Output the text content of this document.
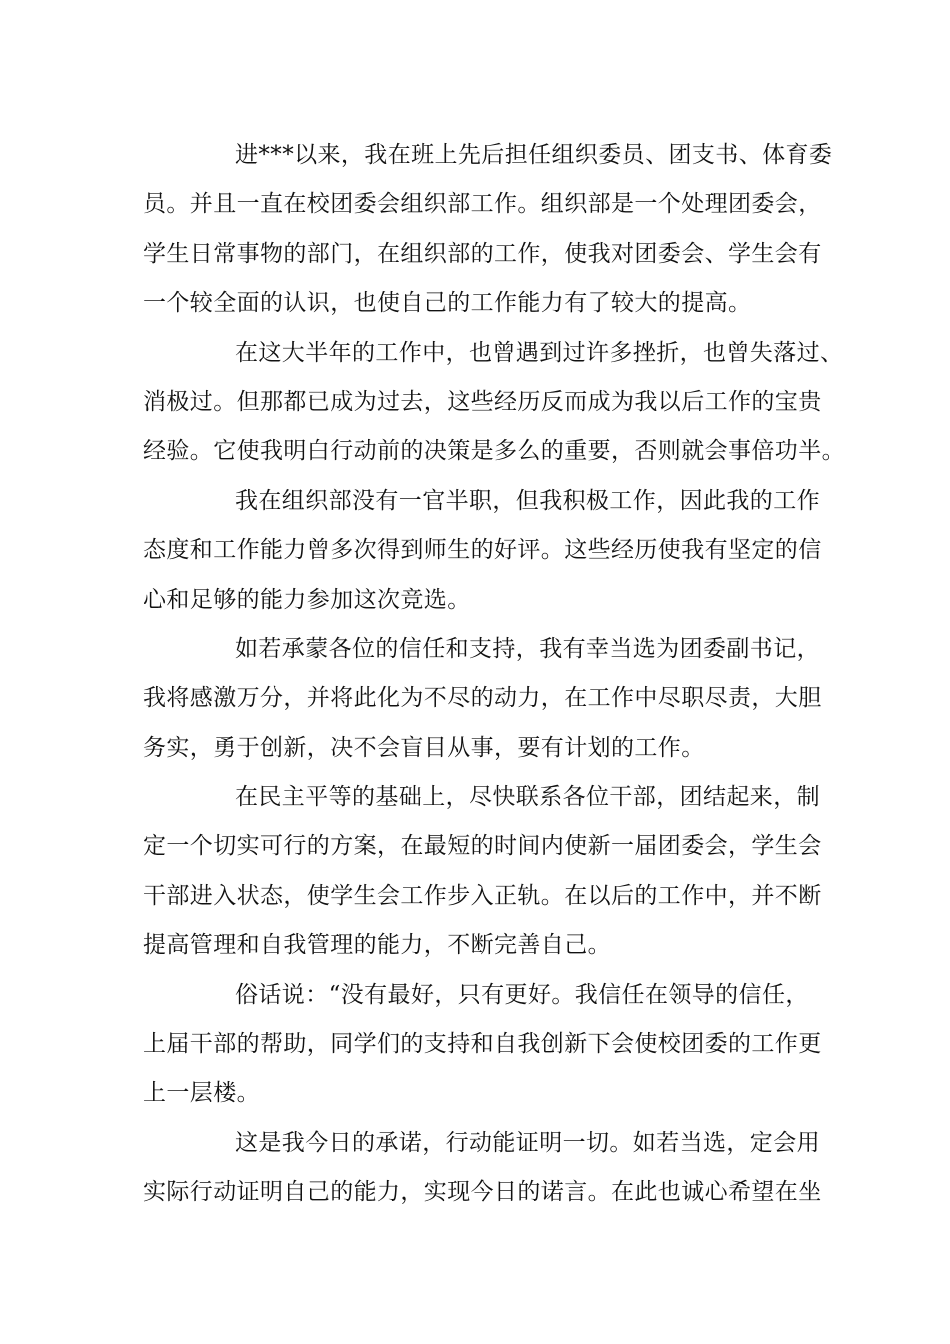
进***以来，我在班上先后担任组织委员、团支书、体育委
员。并且一直在校团委会组织部工作。组织部是一个处理团委会，
学生日常事物的部门，在组织部的工作，使我对团委会、学生会有
一个较全面的认识，也使自己的工作能力有了较大的提高。
在这大半年的工作中，也曾遇到过许多挫折，也曾失落过、
消极过。但那都已成为过去，这些经历反而成为我以后工作的宝贵
经验。它使我明白行动前的决策是多么的重要，否则就会事倍功半。
我在组织部没有一官半职，但我积极工作，因此我的工作
态度和工作能力曾多次得到师生的好评。这些经历使我有坚定的信
心和足够的能力参加这次竞选。
如若承蒙各位的信任和支持，我有幸当选为团委副书记，
我将感激万分，并将此化为不尽的动力，在工作中尽职尽责，大胆
务实，勇于创新，决不会盲目从事，要有计划的工作。
在民主平等的基础上，尽快联系各位干部，团结起来，制
定一个切实可行的方案，在最短的时间内使新一届团委会，学生会
干部进入状态，使学生会工作步入正轨。在以后的工作中，并不断
提高管理和自我管理的能力，不断完善自己。
俗话说：“没有最好，只有更好。我信任在领导的信任，
上届干部的帮助，同学们的支持和自我创新下会使校团委的工作更
上一层楼。
这是我今日的承诺，行动能证明一切。如若当选，定会用
实际行动证明自己的能力，实现今日的诺言。在此也诚心希望在坐
